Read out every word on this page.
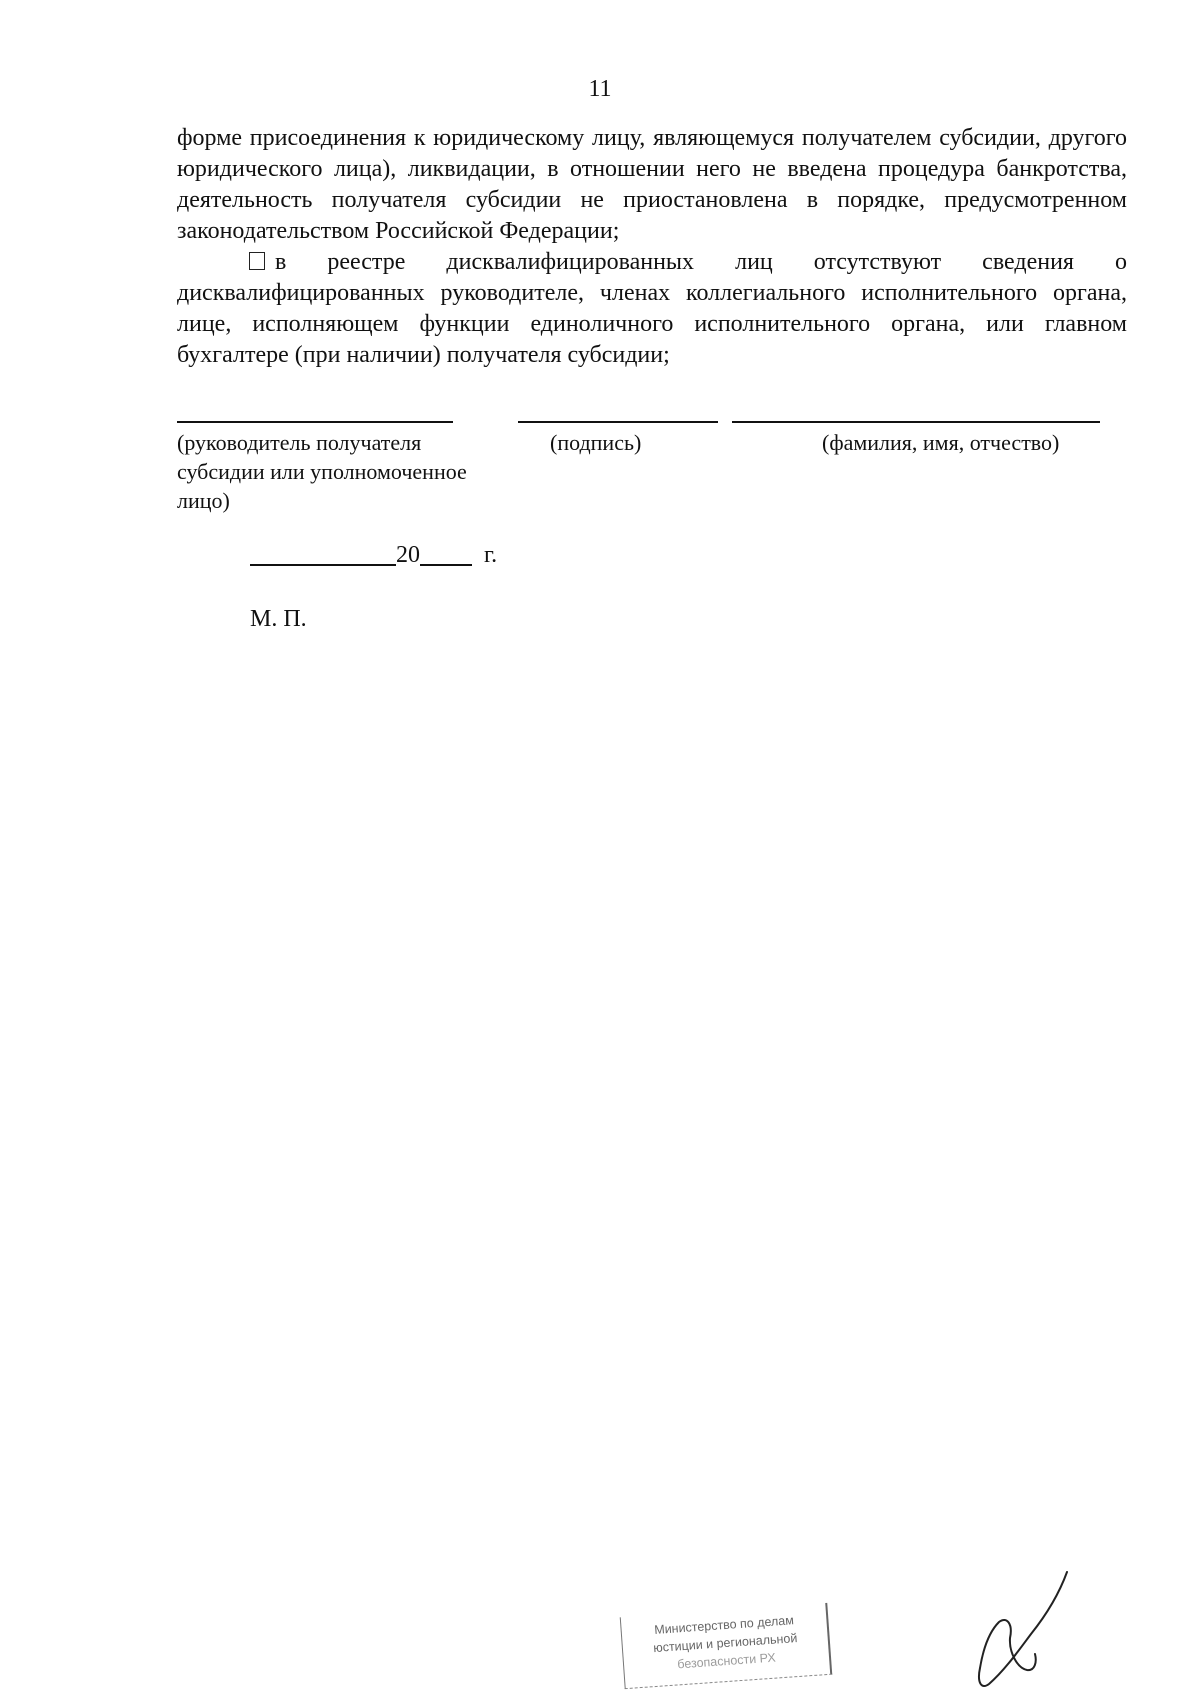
11
форме присоединения к юридическому лицу, являющемуся получателем субсидии, другого юридического лица), ликвидации, в отношении него не введена процедура банкротства, деятельность получателя субсидии не приостановлена в порядке, предусмотренном законодательством Российской Федерации;
в реестре дисквалифицированных лиц отсутствуют сведения о дисквалифицированных руководителе, членах коллегиального исполнительного органа, лице, исполняющем функции единоличного исполнительного органа, или главном бухгалтере (при наличии) получателя субсидии;
(руководитель получателя субсидии или уполномоченное лицо)
(подпись)	(фамилия, имя, отчество)
20	г.
М. П.
Министерство по делам
юстиции и региональной
безопасности РХ
